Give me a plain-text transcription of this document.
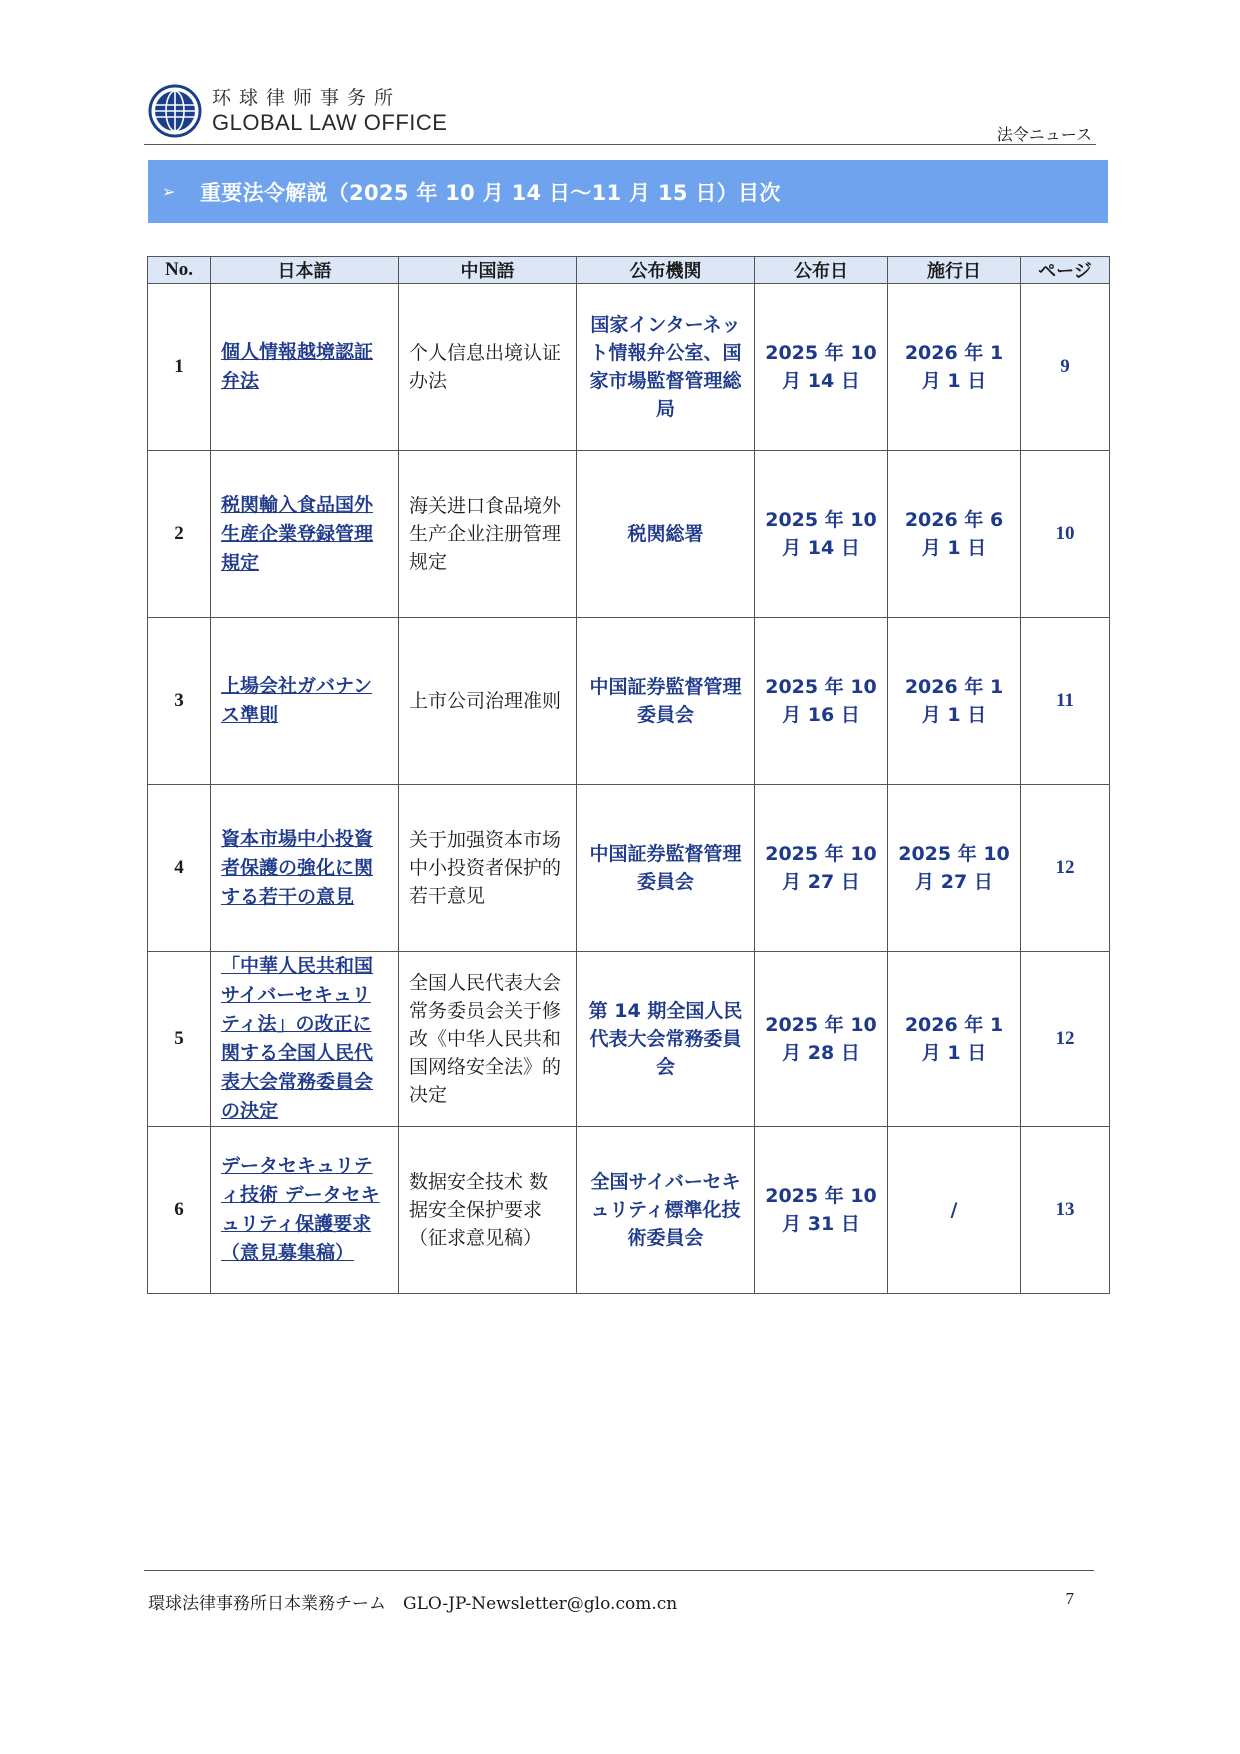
环球律师事务所
GLOBAL LAW OFFICE	法令ニュース
➢	重要法令解説（2025 年 10 月 14 日～11 月 15 日）目次
No.	日本語	中国語	公布機関	公布日	施行日	ページ
1	個人情報越境認証弁法	个人信息出境认证办法	国家インターネット情報弁公室、国家市場監督管理総局	2025 年 10 月 14 日	2026 年 1 月 1 日	9
2	税関輸入食品国外生産企業登録管理規定	海关进口食品境外生产企业注册管理规定	税関総署	2025 年 10 月 14 日	2026 年 6 月 1 日	10
3	上場会社ガバナンス準則	上市公司治理准则	中国証券監督管理委員会	2025 年 10 月 16 日	2026 年 1 月 1 日	11
4	資本市場中小投資者保護の強化に関する若干の意見	关于加强资本市场中小投资者保护的若干意见	中国証券監督管理委員会	2025 年 10 月 27 日	2025 年 10 月 27 日	12
5	「中華人民共和国サイバーセキュリティ法」の改正に関する全国人民代表大会常務委員会の決定	全国人民代表大会常务委员会关于修改《中华人民共和国网络安全法》的决定	第 14 期全国人民代表大会常務委員会	2025 年 10 月 28 日	2026 年 1 月 1 日	12
6	データセキュリティ技術 データセキュリティ保護要求（意見募集稿）	数据安全技术 数据安全保护要求（征求意见稿）	全国サイバーセキュリティ標準化技術委員会	2025 年 10 月 31 日	/	13
環球法律事務所日本業務チーム　GLO-JP-Newsletter@glo.com.cn	7
